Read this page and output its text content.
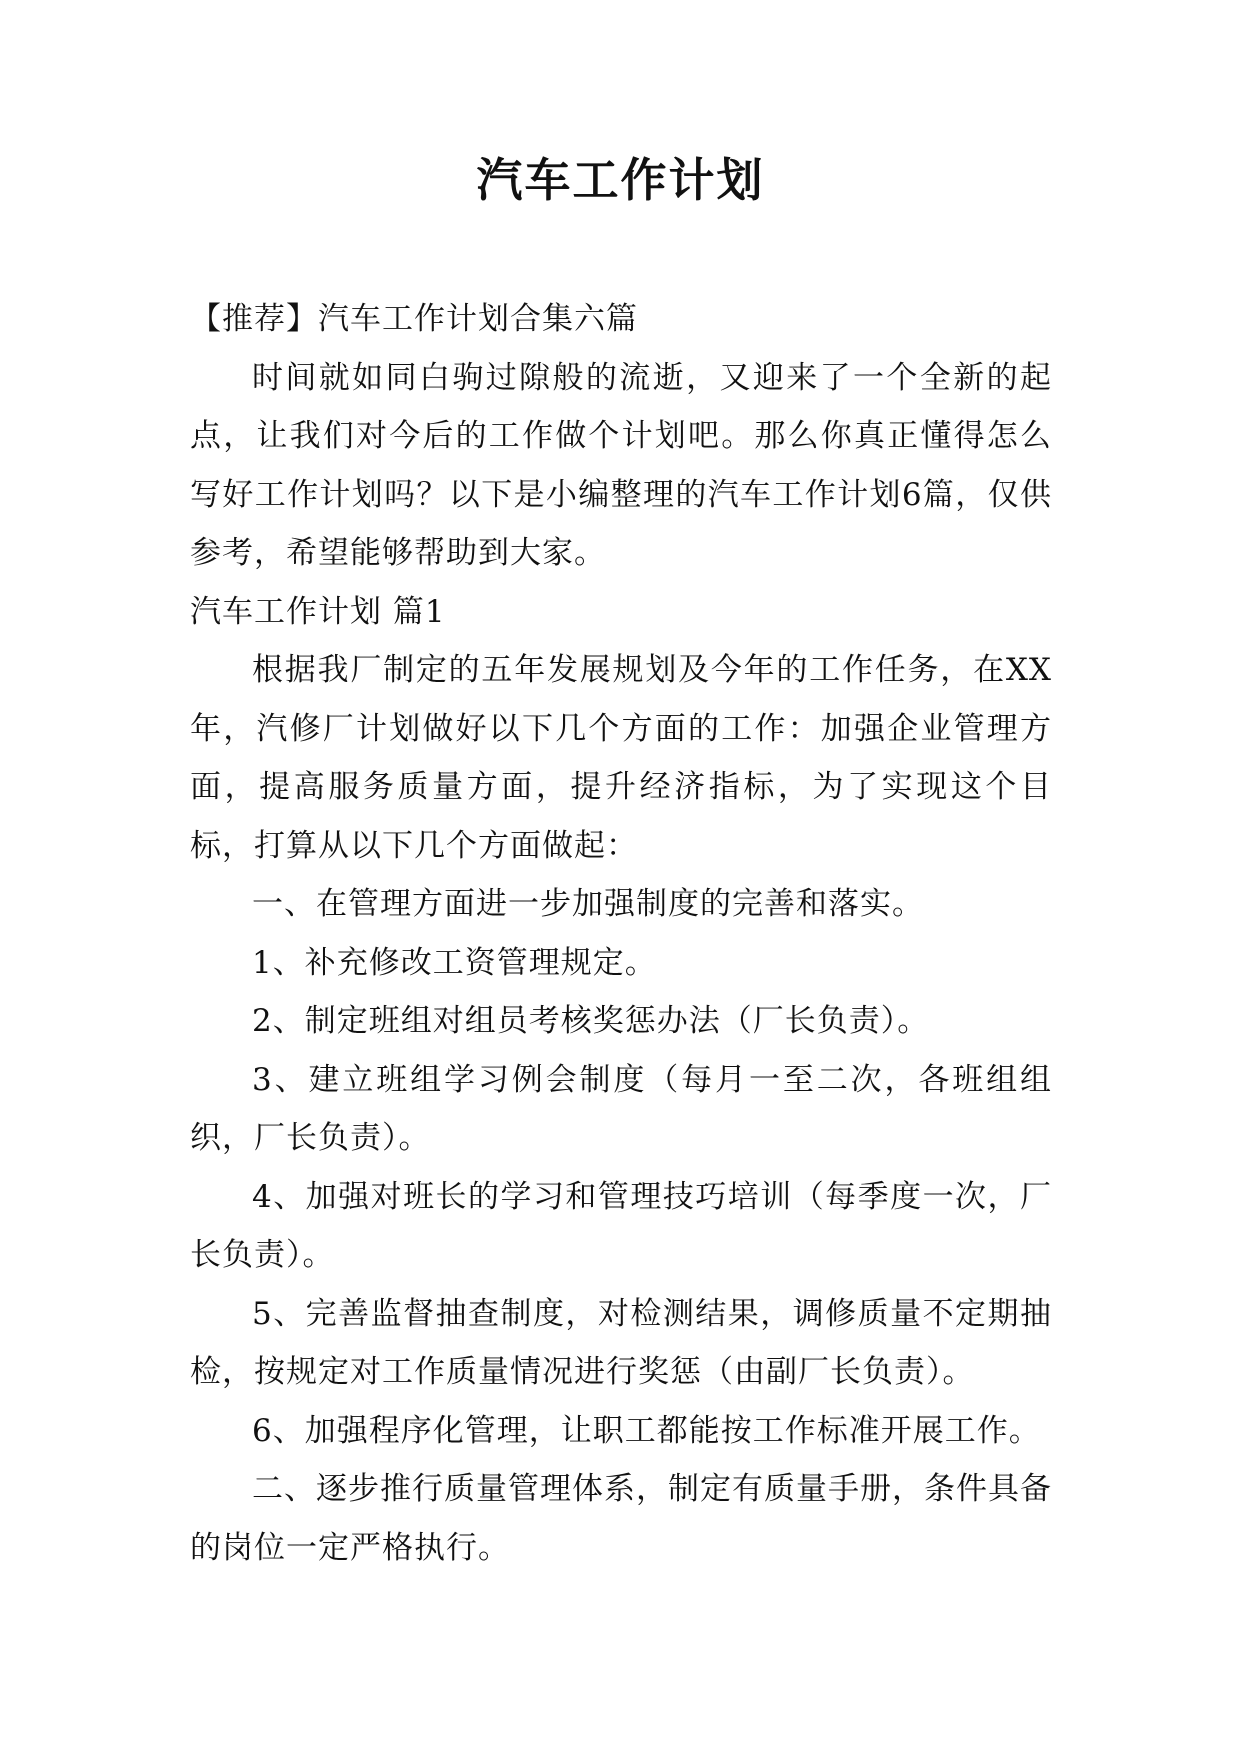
汽车工作计划

【推荐】汽车工作计划合集六篇

时间就如同白驹过隙般的流逝，又迎来了一个全新的起点，让我们对今后的工作做个计划吧。那么你真正懂得怎么写好工作计划吗？以下是小编整理的汽车工作计划6篇，仅供参考，希望能够帮助到大家。

汽车工作计划 篇1

根据我厂制定的五年发展规划及今年的工作任务，在XX年，汽修厂计划做好以下几个方面的工作：加强企业管理方面，提高服务质量方面，提升经济指标，为了实现这个目标，打算从以下几个方面做起：

一、在管理方面进一步加强制度的完善和落实。

1、补充修改工资管理规定。

2、制定班组对组员考核奖惩办法（厂长负责）。

3、建立班组学习例会制度（每月一至二次，各班组组织，厂长负责）。

4、加强对班长的学习和管理技巧培训（每季度一次，厂长负责）。

5、完善监督抽查制度，对检测结果，调修质量不定期抽检，按规定对工作质量情况进行奖惩（由副厂长负责）。

6、加强程序化管理，让职工都能按工作标准开展工作。

二、逐步推行质量管理体系，制定有质量手册，条件具备的岗位一定严格执行。
